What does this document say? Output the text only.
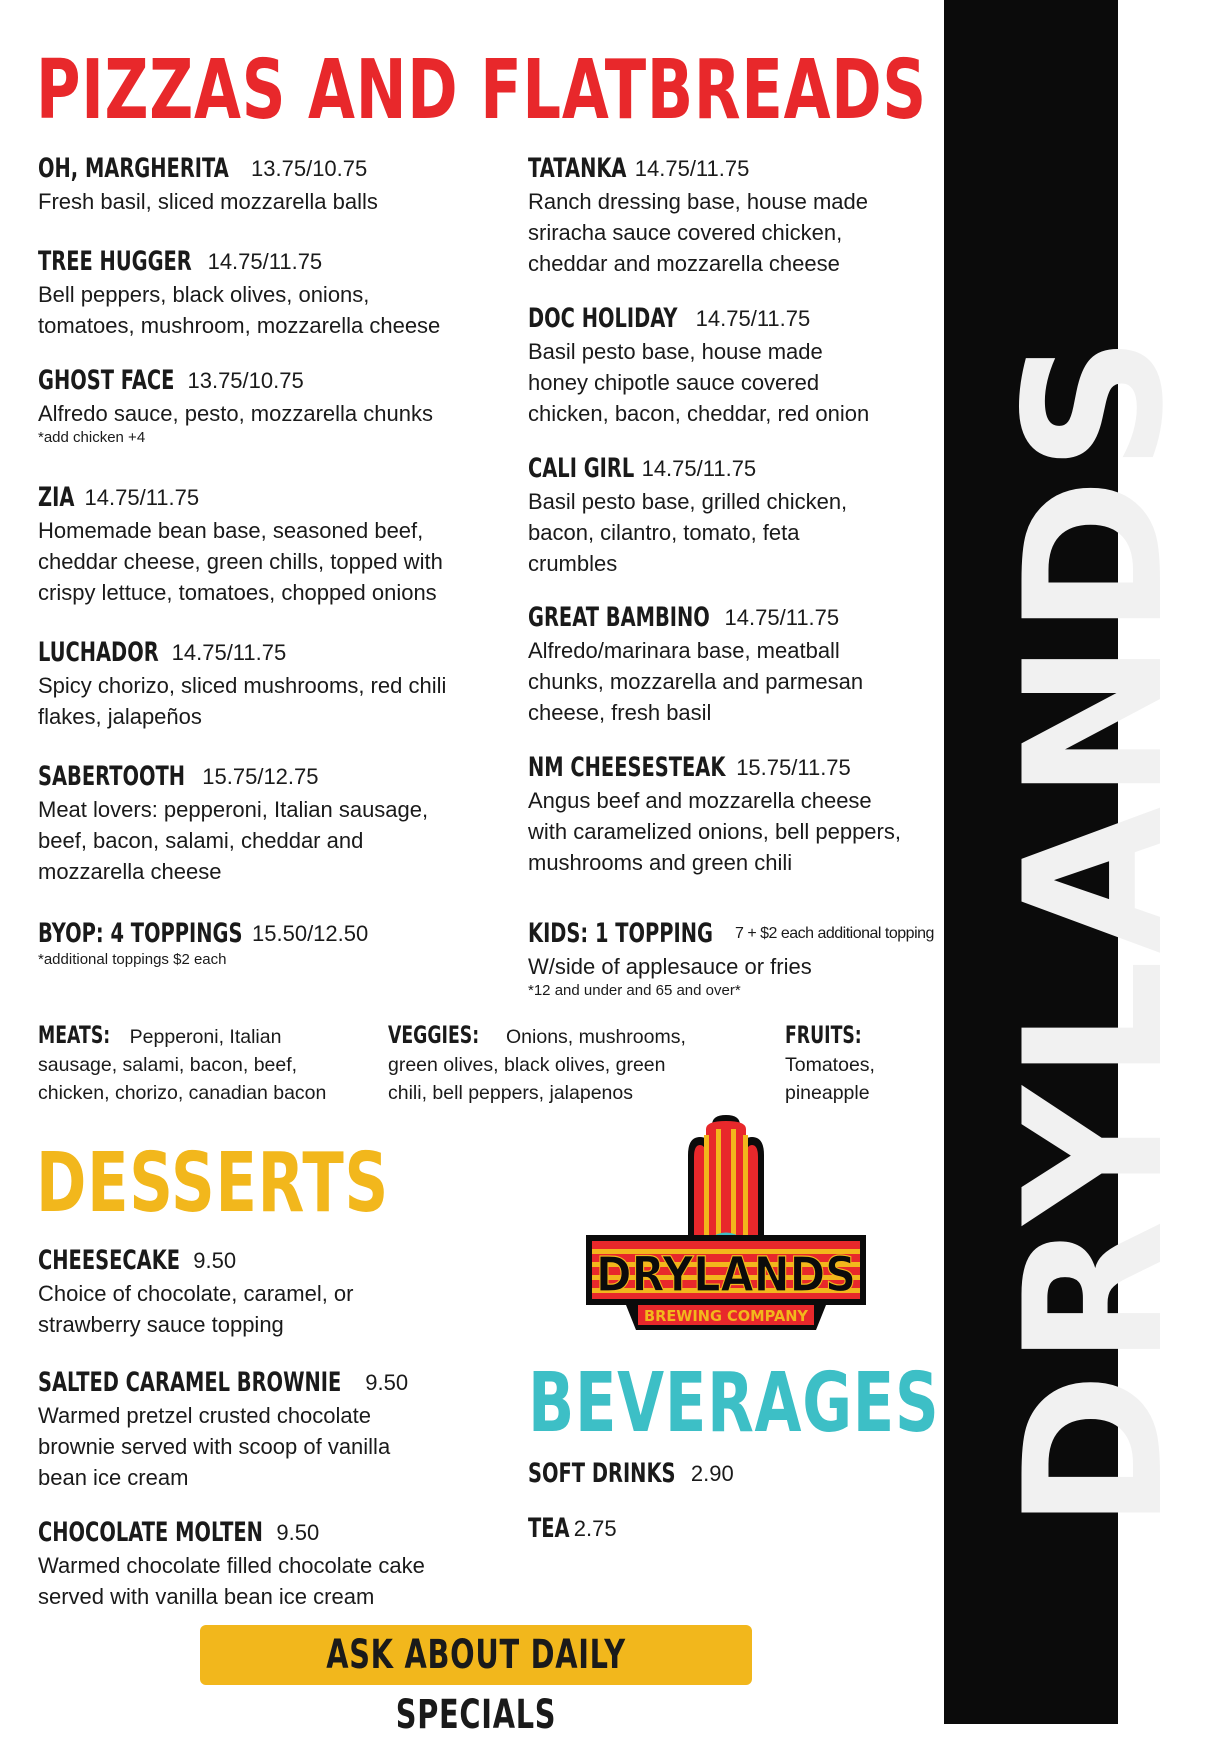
PIZZAS AND FLATBREADS
OH, MARGHERITA 13.75/10.75

Fresh basil, sliced mozzarella balls

TREE HUGGER 14.75/11.75

Bell peppers, black olives, onions,

tomatoes, mushroom, mozzarella cheese

GHOST FACE 13.75/10.75

Alfredo sauce, pesto, mozzarella chunks

*add chicken +4

ZIA 14.75/11.75

Homemade bean base, seasoned beef,

cheddar cheese, green chills, topped with

crispy lettuce, tomatoes, chopped onions

LUCHADOR 14.75/11.75

Spicy chorizo, sliced mushrooms, red chili

flakes, jalapeños

SABERTOOTH 15.75/12.75

Meat lovers: pepperoni, Italian sausage,

beef, bacon, salami, cheddar and

mozzarella cheese

BYOP: 4 TOPPINGS 15.50/12.50

*additional toppings $2 each

TATANKA 14.75/11.75

Ranch dressing base, house made

sriracha sauce covered chicken,

cheddar and mozzarella cheese

DOC HOLIDAY 14.75/11.75

Basil pesto base, house made

honey chipotle sauce covered

chicken, bacon, cheddar, red onion

CALI GIRL 14.75/11.75

Basil pesto base, grilled chicken,

bacon, cilantro, tomato, feta

crumbles

GREAT BAMBINO 14.75/11.75

Alfredo/marinara base, meatball

chunks, mozzarella and parmesan

cheese, fresh basil

NM CHEESESTEAK 15.75/11.75

Angus beef and mozzarella cheese

with caramelized onions, bell peppers,

mushrooms and green chili

KIDS: 1 TOPPING 7 + $2 each additional topping

W/side of applesauce or fries

*12 and under and 65 and over*

MEATS: Pepperoni, Italian
sausage, salami, bacon, beef,
chicken, chorizo, canadian bacon
VEGGIES: Onions, mushrooms,
green olives, black olives, green
chili, bell peppers, jalapenos
FRUITS:
Tomatoes,
pineapple
DESSERTS
CHEESECAKE 9.50

Choice of chocolate, caramel, or

strawberry sauce topping

SALTED CARAMEL BROWNIE 9.50

Warmed pretzel crusted chocolate

brownie served with scoop of vanilla

bean ice cream

CHOCOLATE MOLTEN 9.50

Warmed chocolate filled chocolate cake

served with vanilla bean ice cream

DRYLANDS
BREWING COMPANY
BEVERAGES
SOFT DRINKS 2.90
TEA 2.75
ASK ABOUT DAILY SPECIALS
DRYLANDS
